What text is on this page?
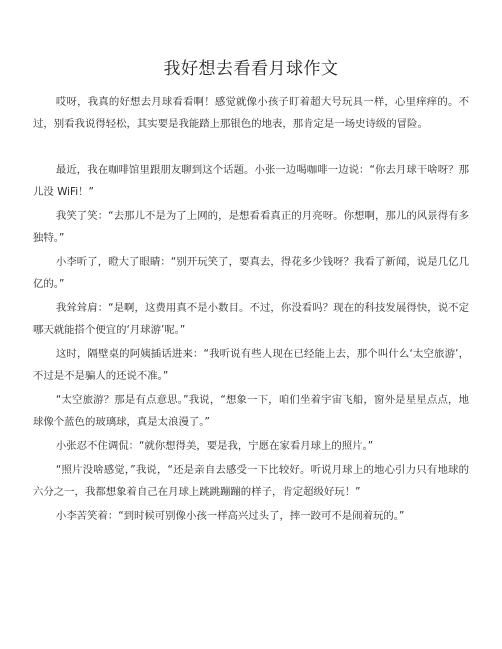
我好想去看看月球作文

哎呀，我真的好想去月球看看啊！感觉就像小孩子盯着超大号玩具一样，心里痒痒的。不过，别看我说得轻松，其实要是我能踏上那银色的地表，那肯定是一场史诗级的冒险。

最近，我在咖啡馆里跟朋友聊到这个话题。小张一边喝咖啡一边说：“你去月球干啥呀？那儿没 WiFi！”

我笑了笑：“去那儿不是为了上网的，是想看看真正的月亮呀。你想啊，那儿的风景得有多独特。”

小李听了，瞪大了眼睛：“别开玩笑了，要真去，得花多少钱呀？我看了新闻，说是几亿几亿的。”

我耸耸肩：“是啊，这费用真不是小数目。不过，你没看吗？现在的科技发展得快，说不定哪天就能搭个便宜的‘月球游’呢。”

这时，隔壁桌的阿姨插话进来：“我听说有些人现在已经能上去，那个叫什么‘太空旅游’，不过是不是骗人的还说不准。”

“太空旅游？那是有点意思。”我说，“想象一下，咱们坐着宇宙飞船，窗外是星星点点，地球像个蓝色的玻璃球，真是太浪漫了。”

小张忍不住调侃：“就你想得美，要是我，宁愿在家看月球上的照片。”

“照片没啥感觉，”我说，“还是亲自去感受一下比较好。听说月球上的地心引力只有地球的六分之一，我都想象着自己在月球上跳跳蹦蹦的样子，肯定超级好玩！”

小李苦笑着：“到时候可别像小孩一样高兴过头了，摔一跤可不是闹着玩的。”
